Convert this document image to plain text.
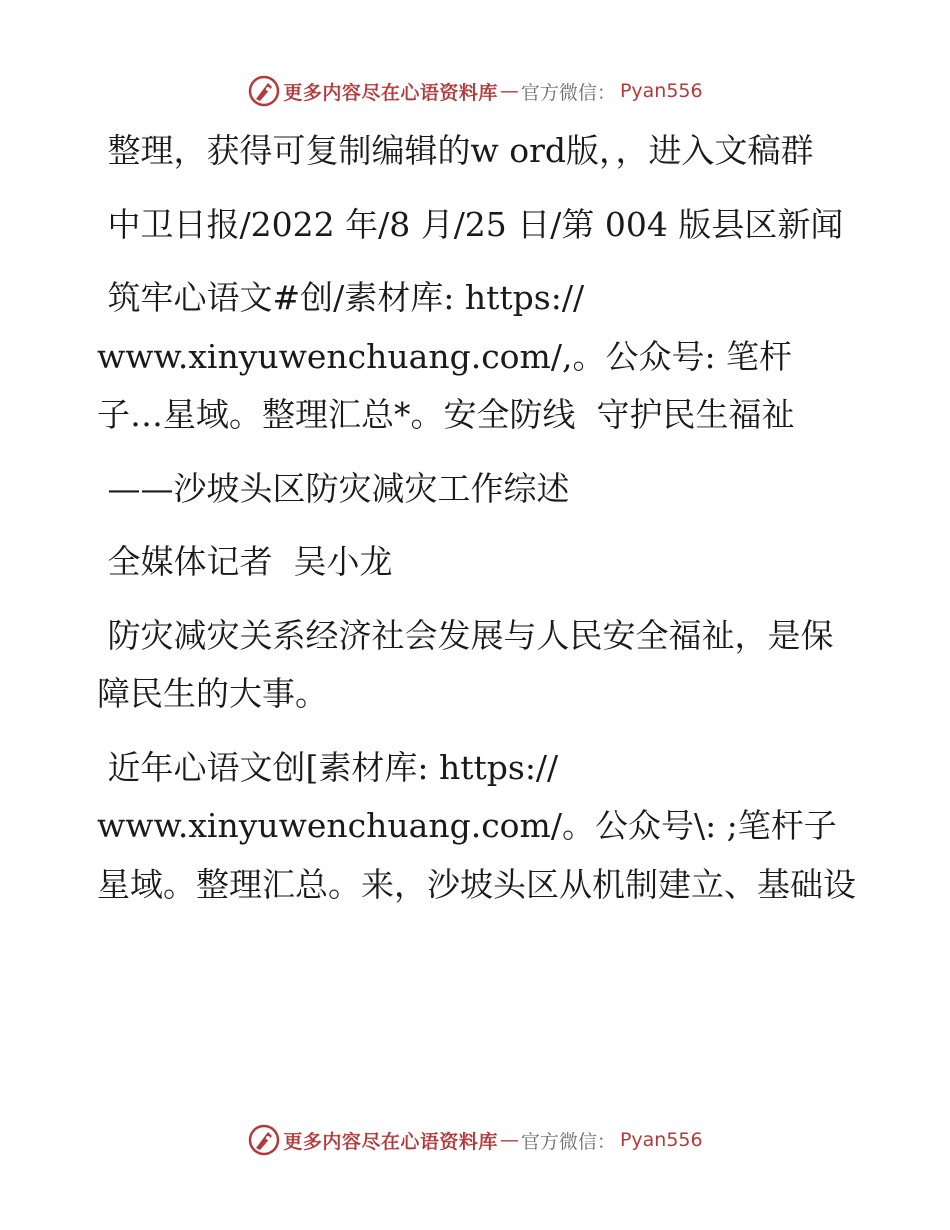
更多内容尽在心语资料库 — 官方微信： Pyan556

整理，获得可复制编辑的w ord版，，进入文稿群

中卫日报/2022 年/8 月/25 日/第 004 版县区新闻

筑牢心语文#创/素材库: https://

www.xinyuwenchuang.com/,。公众号: 笔杆子…星域。整理汇总*。安全防线  守护民生福祉

——沙坡头区防灾减灾工作综述

全媒体记者  吴小龙

防灾减灾关系经济社会发展与人民安全福祉，是保障民生的大事。

近年心语文创[素材库: https://

www.xinyuwenchuang.com/。公众号\: ;笔杆子星域。整理汇总。来，沙坡头区从机制建立、基础设

更多内容尽在心语资料库 — 官方微信： Pyan556
